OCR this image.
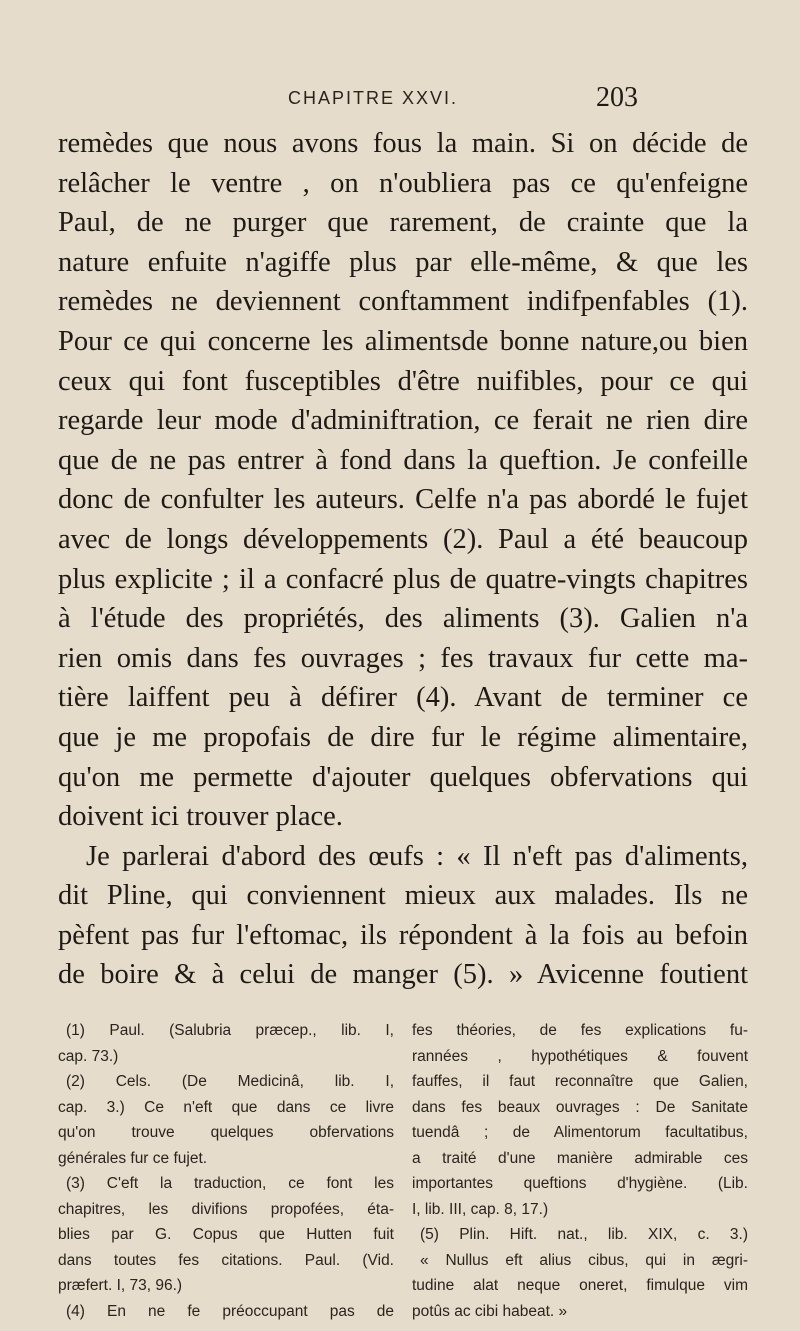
CHAPITRE XXVI.	203
remèdes que nous avons fous la main. Si on décide de
relâcher le ventre , on n'oubliera pas ce qu'enfeigne
Paul, de ne purger que rarement, de crainte que la
nature enfuite n'agiffe plus par elle-même, & que les
remèdes ne deviennent conftamment indifpenfables (1).
Pour ce qui concerne les alimentsde bonne nature,ou bien
ceux qui font fusceptibles d'être nuifibles, pour ce qui
regarde leur mode d'adminiftration, ce ferait ne rien dire
que de ne pas entrer à fond dans la queftion. Je confeille
donc de confulter les auteurs. Celfe n'a pas abordé le fujet
avec de longs développements (2). Paul a été beaucoup
plus explicite ; il a confacré plus de quatre-vingts chapitres
à l'étude des propriétés, des aliments (3). Galien n'a
rien omis dans fes ouvrages ; fes travaux fur cette ma-
tière laiffent peu à défirer (4). Avant de terminer ce
que je me propofais de dire fur le régime alimentaire,
qu'on me permette d'ajouter quelques obfervations qui
doivent ici trouver place.
Je parlerai d'abord des œufs : « Il n'eft pas d'aliments,
dit Pline, qui conviennent mieux aux malades. Ils ne
pèfent pas fur l'eftomac, ils répondent à la fois au befoin
de boire & à celui de manger (5). » Avicenne foutient
(1) Paul. (Salubria præcep., lib. I,
cap. 73.)
(2) Cels. (De Medicinâ, lib. I,
cap. 3.) Ce n'eft que dans ce livre
qu'on trouve quelques obfervations
générales fur ce fujet.
(3) C'eft la traduction, ce font les
chapitres, les divifions propofées, éta-
blies par G. Copus que Hutten fuit
dans toutes fes citations. Paul. (Vid.
præfert. I, 73, 96.)
(4) En ne fe préoccupant pas de
fes théories, de fes explications fu-
rannées , hypothétiques & fouvent
fauffes, il faut reconnaître que Galien,
dans fes beaux ouvrages : De Sanitate
tuendâ ; de Alimentorum facultatibus,
a traité d'une manière admirable ces
importantes queftions d'hygiène. (Lib.
I, lib. III, cap. 8, 17.)
(5) Plin. Hift. nat., lib. XIX, c. 3.)
« Nullus eft alius cibus, qui in ægri-
tudine alat neque oneret, fimulque vim
potûs ac cibi habeat. »
